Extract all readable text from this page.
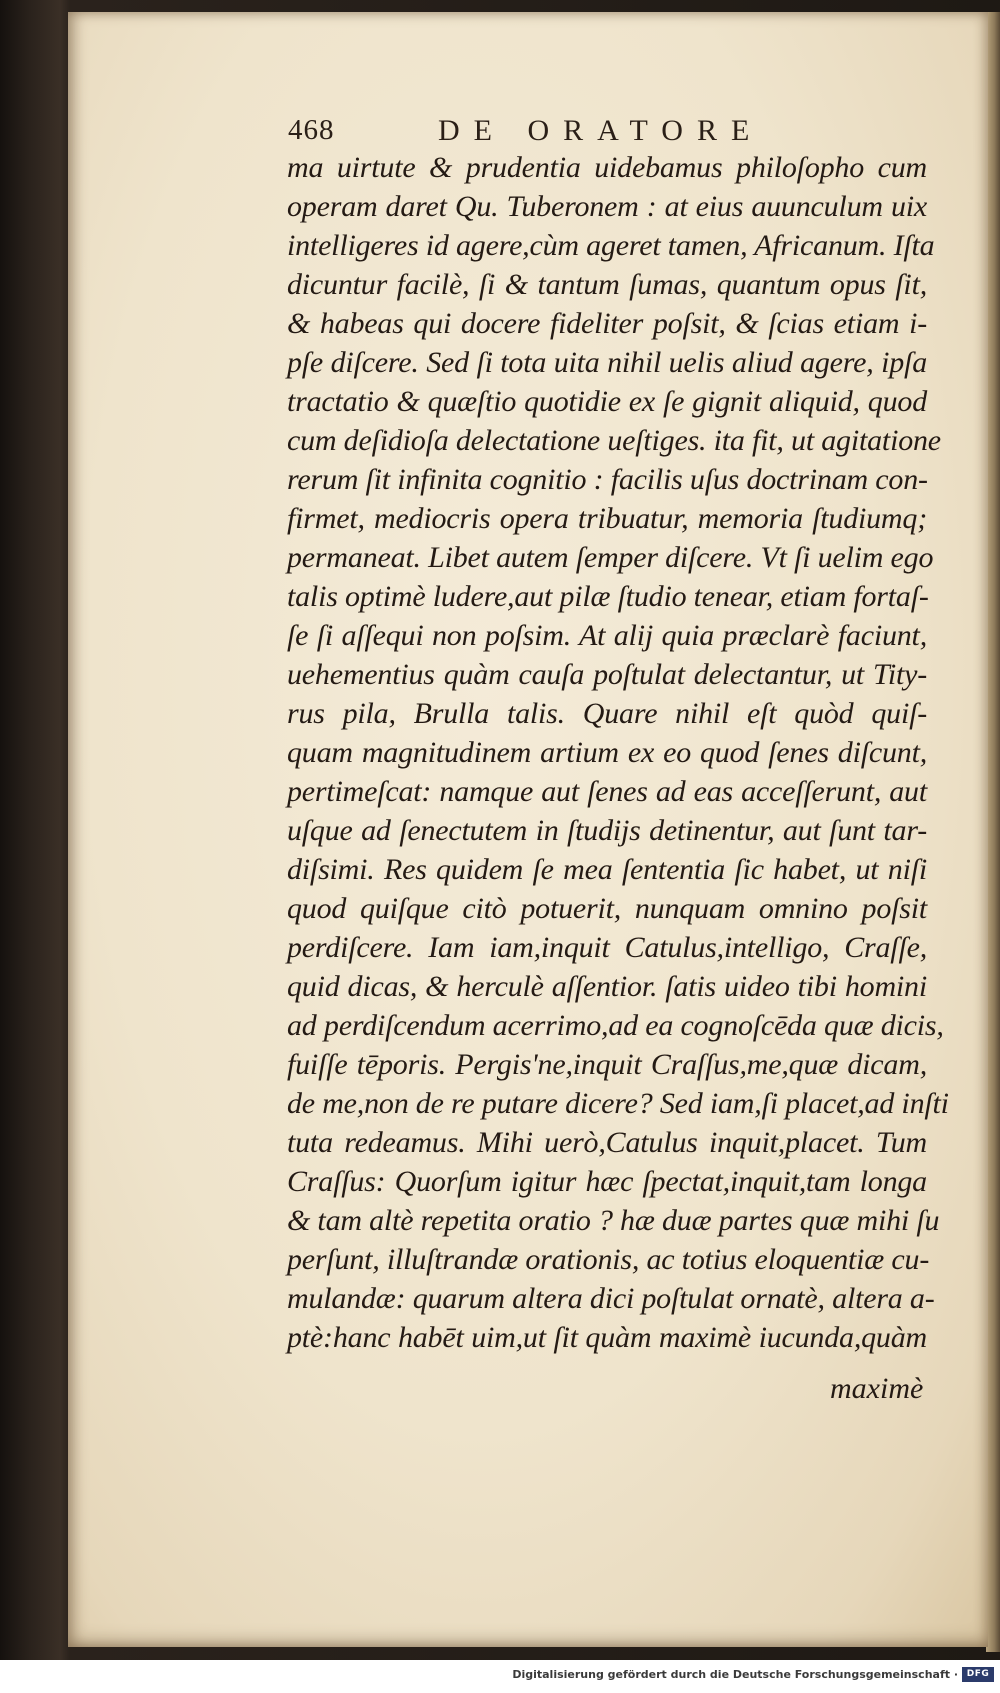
468	DE ORATORE
ma uirtute & prudentia uidebamus philoſopho cum
operam daret Qu. Tuberonem : at eius auunculum uix
intelligeres id agere,cùm ageret tamen, Africanum. Iſta
dicuntur facilè, ſi & tantum ſumas, quantum opus ſit,
& habeas qui docere fideliter poſsit, & ſcias etiam i-
pſe diſcere. Sed ſi tota uita nihil uelis aliud agere, ipſa
tractatio & quæſtio quotidie ex ſe gignit aliquid, quod
cum deſidioſa delectatione ueſtiges. ita fit, ut agitatione
rerum ſit infinita cognitio : facilis uſus doctrinam con-
firmet, mediocris opera tribuatur, memoria ſtudiumq;
permaneat. Libet autem ſemper diſcere. Vt ſi uelim ego
talis optimè ludere,aut pilæ ſtudio tenear, etiam fortaſ-
ſe ſi aſſequi non poſsim. At alij quia præclarè faciunt,
uehementius quàm cauſa poſtulat delectantur, ut Tity-
rus pila, Brulla talis. Quare nihil eſt quòd quiſ-
quam magnitudinem artium ex eo quod ſenes diſcunt,
pertimeſcat: namque aut ſenes ad eas acceſſerunt, aut
uſque ad ſenectutem in ſtudijs detinentur, aut ſunt tar-
diſsimi. Res quidem ſe mea ſententia ſic habet, ut niſi
quod quiſque citò potuerit, nunquam omnino poſsit
perdiſcere. Iam iam,inquit Catulus,intelligo, Craſſe,
quid dicas, & herculè aſſentior. ſatis uideo tibi homini
ad perdiſcendum acerrimo,ad ea cognoſcēda quæ dicis,
fuiſſe tēporis. Pergis'ne,inquit Craſſus,me,quæ dicam,
de me,non de re putare dicere? Sed iam,ſi placet,ad inſti
tuta redeamus. Mihi uerò,Catulus inquit,placet. Tum
Craſſus: Quorſum igitur hæc ſpectat,inquit,tam longa
& tam altè repetita oratio ? hæ duæ partes quæ mihi ſu
perſunt, illuſtrandæ orationis, ac totius eloquentiæ cu-
mulandæ: quarum altera dici poſtulat ornatè, altera a-
ptè:hanc habēt uim,ut ſit quàm maximè iucunda,quàm
maximè
Digitalisierung gefördert durch die Deutsche Forschungsgemeinschaft · DFG
